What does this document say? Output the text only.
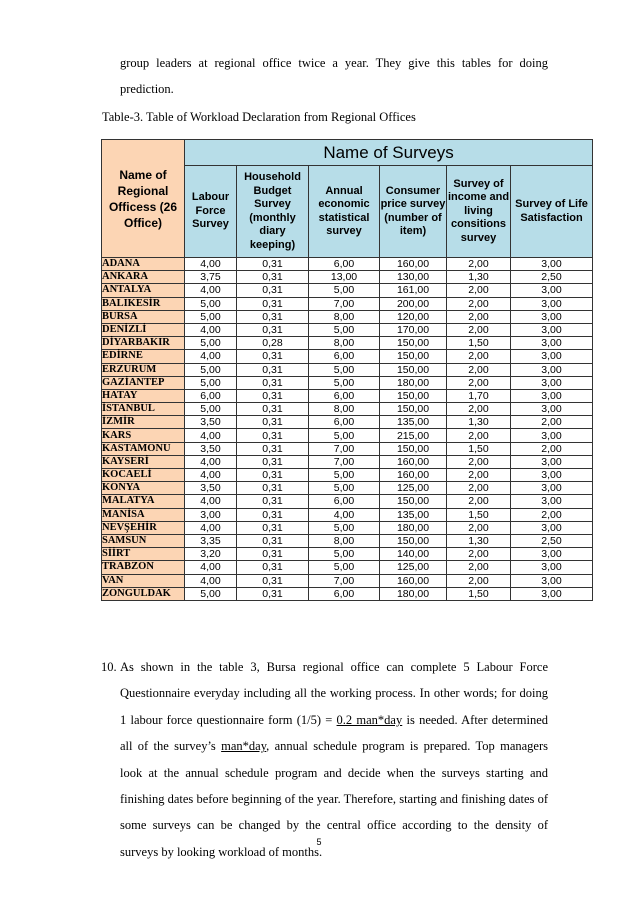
group leaders at regional office twice a year. They give this tables for doing prediction.
Table-3. Table of Workload Declaration from Regional Offices
Name of Regional Officess (26 Office)	Name of Surveys					
	Labour Force Survey	Household Budget Survey (monthly diary keeping)	Annual economic statistical survey	Consumer price survey (number of item)	Survey of income and living consitions survey	Survey of Life Satisfaction
ADANA	4,00	0,31	6,00	160,00	2,00	3,00
ANKARA	3,75	0,31	13,00	130,00	1,30	2,50
ANTALYA	4,00	0,31	5,00	161,00	2,00	3,00
BALIKESİR	5,00	0,31	7,00	200,00	2,00	3,00
BURSA	5,00	0,31	8,00	120,00	2,00	3,00
DENİZLİ	4,00	0,31	5,00	170,00	2,00	3,00
DİYARBAKIR	5,00	0,28	8,00	150,00	1,50	3,00
EDİRNE	4,00	0,31	6,00	150,00	2,00	3,00
ERZURUM	5,00	0,31	5,00	150,00	2,00	3,00
GAZİANTEP	5,00	0,31	5,00	180,00	2,00	3,00
HATAY	6,00	0,31	6,00	150,00	1,70	3,00
İSTANBUL	5,00	0,31	8,00	150,00	2,00	3,00
İZMİR	3,50	0,31	6,00	135,00	1,30	2,00
KARS	4,00	0,31	5,00	215,00	2,00	3,00
KASTAMONU	3,50	0,31	7,00	150,00	1,50	2,00
KAYSERİ	4,00	0,31	7,00	160,00	2,00	3,00
KOCAELİ	4,00	0,31	5,00	160,00	2,00	3,00
KONYA	3,50	0,31	5,00	125,00	2,00	3,00
MALATYA	4,00	0,31	6,00	150,00	2,00	3,00
MANİSA	3,00	0,31	4,00	135,00	1,50	2,00
NEVŞEHİR	4,00	0,31	5,00	180,00	2,00	3,00
SAMSUN	3,35	0,31	8,00	150,00	1,30	2,50
SİİRT	3,20	0,31	5,00	140,00	2,00	3,00
TRABZON	4,00	0,31	5,00	125,00	2,00	3,00
VAN	4,00	0,31	7,00	160,00	2,00	3,00
ZONGULDAK	5,00	0,31	6,00	180,00	1,50	3,00
10. As shown in the table 3, Bursa regional office can complete 5 Labour Force Questionnaire everyday including all the working process. In other words; for doing 1 labour force questionnaire form (1/5) = 0.2 man*day is needed. After determined all of the survey’s man*day, annual schedule program is prepared. Top managers look at the annual schedule program and decide when the surveys starting and finishing dates before beginning of the year. Therefore, starting and finishing dates of some surveys can be changed by the central office according to the density of surveys by looking workload of months.
5
